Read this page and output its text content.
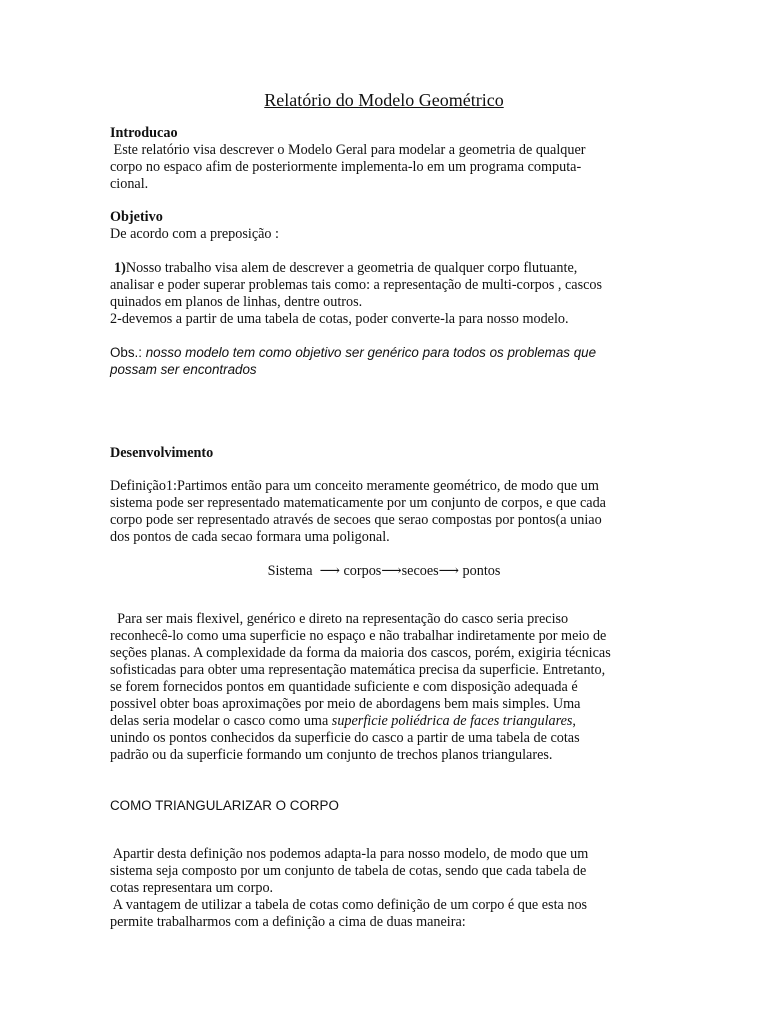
Relatório do Modelo Geométrico
Introducao
Este relatório visa descrever o Modelo Geral para modelar a geometria de qualquer
corpo no espaco afim de posteriormente implementa-lo em um programa computa-
cional.
Objetivo
De acordo com a preposição :
1)Nosso trabalho visa alem de descrever a geometria de qualquer corpo flutuante,
analisar e poder superar problemas tais como: a representação de multi-corpos , cascos
quinados em planos de linhas, dentre outros.
2-devemos a partir de uma tabela de cotas, poder converte-la para nosso modelo.
Obs.: nosso modelo tem como objetivo ser genérico para todos os problemas que
possam ser encontrados
Desenvolvimento
Definição1:Partimos então para um conceito meramente geométrico, de modo que um
sistema pode ser representado matematicamente por um conjunto de corpos, e que cada
corpo pode ser representado através de secoes que serao compostas por pontos(a uniao
dos pontos de cada secao formara uma poligonal.
Sistema  ⟶ corpos⟶secoes⟶ pontos
Para ser mais flexivel, genérico e direto na representação do casco seria preciso
reconhecê-lo como uma superficie no espaço e não trabalhar indiretamente por meio de
seções planas. A complexidade da forma da maioria dos cascos, porém, exigiria técnicas
sofisticadas para obter uma representação matemática precisa da superficie. Entretanto,
se forem fornecidos pontos em quantidade suficiente e com disposição adequada é
possivel obter boas aproximações por meio de abordagens bem mais simples. Uma
delas seria modelar o casco como uma superficie poliédrica de faces triangulares,
unindo os pontos conhecidos da superficie do casco a partir de uma tabela de cotas
padrão ou da superficie formando um conjunto de trechos planos triangulares.
COMO TRIANGULARIZAR O CORPO
Apartir desta definição nos podemos adapta-la para nosso modelo, de modo que um
sistema seja composto por um conjunto de tabela de cotas, sendo que cada tabela de
cotas representara um corpo.
A vantagem de utilizar a tabela de cotas como definição de um corpo é que esta nos
permite trabalharmos com a definição a cima de duas maneira:
